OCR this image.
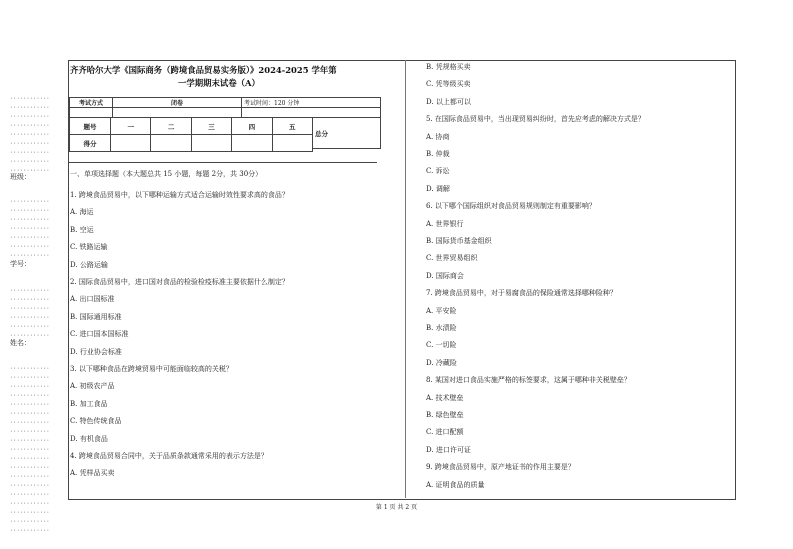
············
············
············
············
············
············
············
············
············
············
············
············
············
············
············
············
············
············
············
············
············
············
············
············
············
············
············
············
············
············
············
············
············
············
············
············
············
············
············
············
············
班级：
学号：
姓名：
齐齐哈尔大学《国际商务（跨境食品贸易实务版）》2024-2025 学年第
一学期期末试卷（A）
考试方式	闭卷	考试时间：120 分钟

题号	一	二	三	四	五
得分					
总分
一、单项选择题（本大题总共 15 小题，每题 2分，共 30分）
1. 跨境食品贸易中，以下哪种运输方式适合运输时效性要求高的食品？
A. 海运
B. 空运
C. 铁路运输
D. 公路运输
2. 国际食品贸易中，进口国对食品的检验检疫标准主要依据什么制定？
A. 出口国标准
B. 国际通用标准
C. 进口国本国标准
D. 行业协会标准
3. 以下哪种食品在跨境贸易中可能面临较高的关税？
A. 初级农产品
B. 加工食品
C. 特色传统食品
D. 有机食品
4. 跨境食品贸易合同中，关于品质条款通常采用的表示方法是？
A. 凭样品买卖
B. 凭规格买卖
C. 凭等级买卖
D. 以上都可以
5. 在国际食品贸易中，当出现贸易纠纷时，首先应考虑的解决方式是？
A. 协商
B. 仲裁
C. 诉讼
D. 调解
6. 以下哪个国际组织对食品贸易规则制定有重要影响？
A. 世界银行
B. 国际货币基金组织
C. 世界贸易组织
D. 国际商会
7. 跨境食品贸易中，对于易腐食品的保险通常选择哪种险种？
A. 平安险
B. 水渍险
C. 一切险
D. 冷藏险
8. 某国对进口食品实施严格的标签要求，这属于哪种非关税壁垒？
A. 技术壁垒
B. 绿色壁垒
C. 进口配额
D. 进口许可证
9. 跨境食品贸易中，原产地证书的作用主要是？
A. 证明食品的质量
第 1 页 共 2 页
